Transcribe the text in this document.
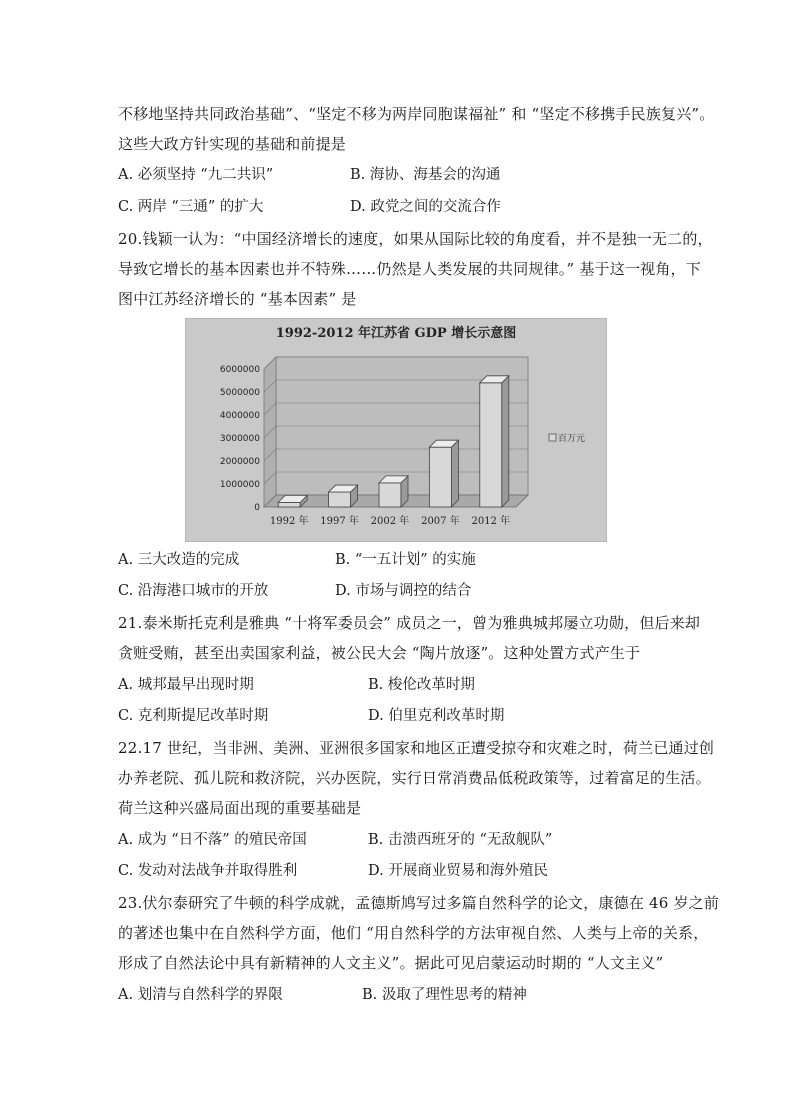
不移地坚持共同政治基础”、“坚定不移为两岸同胞谋福祉” 和 “坚定不移携手民族复兴”。
这些大政方针实现的基础和前提是
A. 必须坚持 “九二共识”	B. 海协、海基会的沟通
C. 两岸 “三通” 的扩大	D. 政党之间的交流合作
20.钱颖一认为：“中国经济增长的速度，如果从国际比较的角度看，并不是独一无二的，
导致它增长的基本因素也并不特殊……仍然是人类发展的共同规律。” 基于这一视角，下
图中江苏经济增长的 “基本因素” 是
0
1000000
2000000
3000000
4000000
5000000
6000000
1992 年 1997 年 2002 年 2007 年 2012 年
1992-2012 年江苏省 GDP 增长示意图
百万元
A. 三大改造的完成	B. “一五计划” 的实施
C. 沿海港口城市的开放	D. 市场与调控的结合
21.泰米斯托克利是雅典 “十将军委员会” 成员之一，曾为雅典城邦屡立功勋，但后来却
贪赃受贿，甚至出卖国家利益，被公民大会 “陶片放逐”。这种处置方式产生于
A. 城邦最早出现时期	B. 梭伦改革时期
C. 克利斯提尼改革时期	D. 伯里克利改革时期
22.17 世纪，当非洲、美洲、亚洲很多国家和地区正遭受掠夺和灾难之时，荷兰已通过创
办养老院、孤儿院和救济院，兴办医院，实行日常消费品低税政策等，过着富足的生活。
荷兰这种兴盛局面出现的重要基础是
A. 成为 “日不落” 的殖民帝国	B. 击溃西班牙的 “无敌舰队”
C. 发动对法战争并取得胜利	D. 开展商业贸易和海外殖民
23.伏尔泰研究了牛顿的科学成就，孟德斯鸠写过多篇自然科学的论文，康德在 46 岁之前
的著述也集中在自然科学方面，他们 “用自然科学的方法审视自然、人类与上帝的关系，
形成了自然法论中具有新精神的人文主义”。据此可见启蒙运动时期的 “人文主义”
A. 划清与自然科学的界限	B. 汲取了理性思考的精神
